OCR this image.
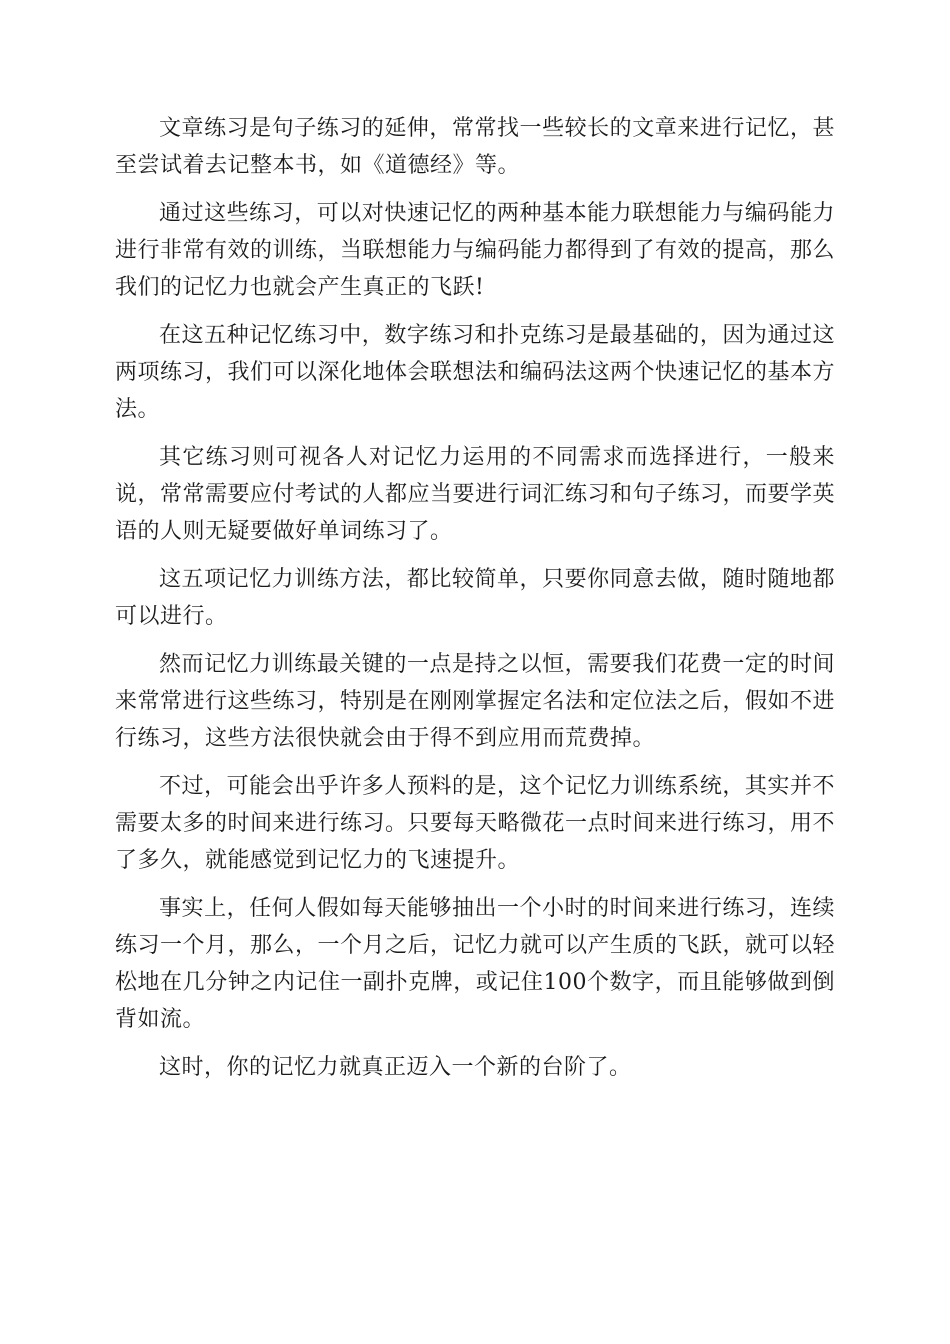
文章练习是句子练习的延伸，常常找一些较长的文章来进行记忆，甚至尝试着去记整本书，如《道德经》等。

通过这些练习，可以对快速记忆的两种基本能力联想能力与编码能力进行非常有效的训练，当联想能力与编码能力都得到了有效的提高，那么我们的记忆力也就会产生真正的飞跃!

在这五种记忆练习中，数字练习和扑克练习是最基础的，因为通过这两项练习，我们可以深化地体会联想法和编码法这两个快速记忆的基本方法。

其它练习则可视各人对记忆力运用的不同需求而选择进行，一般来说，常常需要应付考试的人都应当要进行词汇练习和句子练习，而要学英语的人则无疑要做好单词练习了。

这五项记忆力训练方法，都比较简单，只要你同意去做，随时随地都可以进行。

然而记忆力训练最关键的一点是持之以恒，需要我们花费一定的时间来常常进行这些练习，特别是在刚刚掌握定名法和定位法之后，假如不进行练习，这些方法很快就会由于得不到应用而荒费掉。

不过，可能会出乎许多人预料的是，这个记忆力训练系统，其实并不需要太多的时间来进行练习。只要每天略微花一点时间来进行练习，用不了多久，就能感觉到记忆力的飞速提升。

事实上，任何人假如每天能够抽出一个小时的时间来进行练习，连续练习一个月，那么，一个月之后，记忆力就可以产生质的飞跃，就可以轻松地在几分钟之内记住一副扑克牌，或记住100个数字，而且能够做到倒背如流。

这时，你的记忆力就真正迈入一个新的台阶了。
